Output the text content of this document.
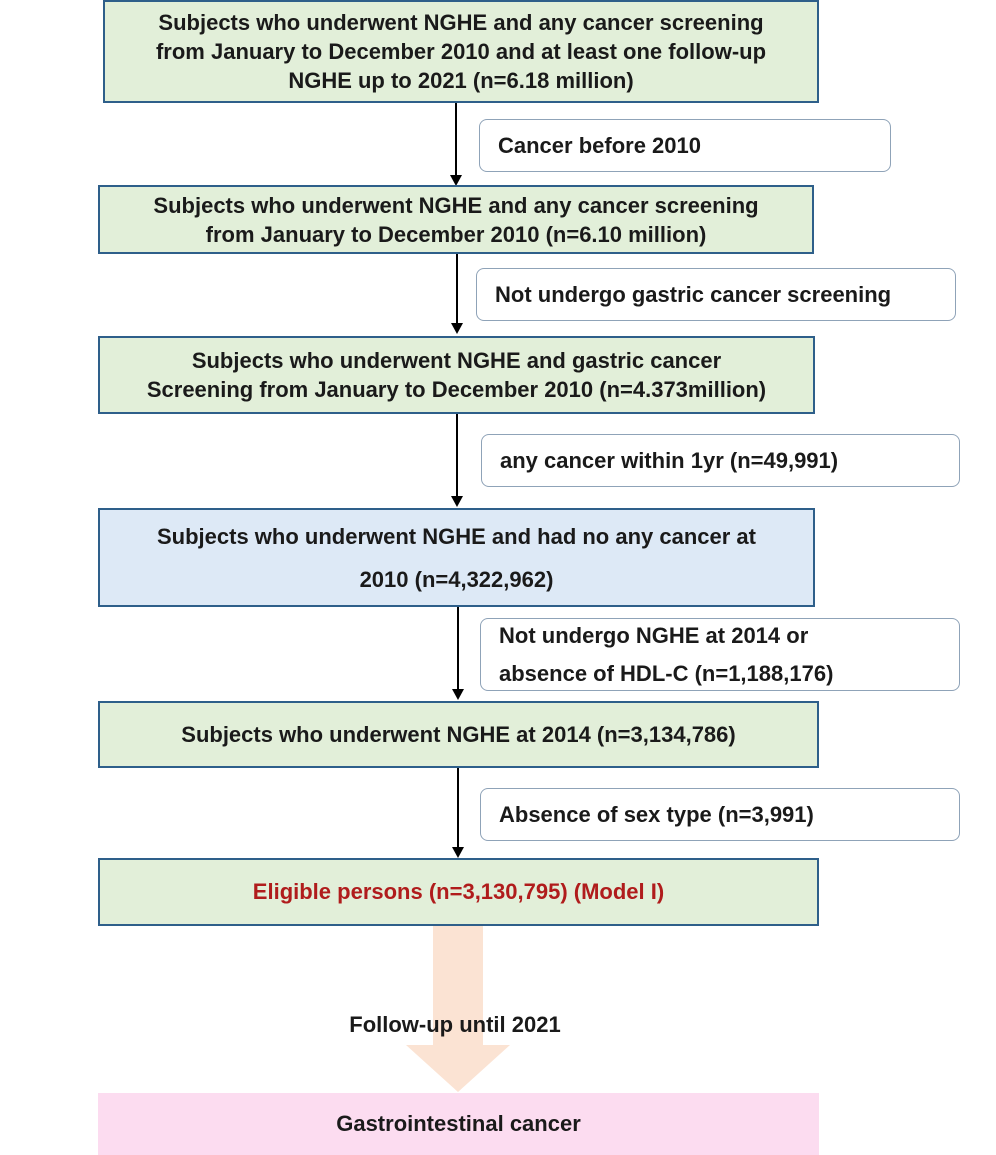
Subjects who underwent NGHE and any cancer screening
from January to December 2010 and at least one follow-up
NGHE up to 2021 (n=6.18 million)
Cancer before 2010
Subjects who underwent NGHE and any cancer screening
from January to December 2010 (n=6.10 million)
Not undergo gastric cancer screening
Subjects who underwent NGHE and gastric cancer
Screening from January to December 2010 (n=4.373million)
any cancer within 1yr (n=49,991)
Subjects who underwent NGHE and had no any cancer at
2010 (n=4,322,962)
Not undergo NGHE at 2014 or
absence of HDL-C (n=1,188,176)
Subjects who underwent NGHE at 2014 (n=3,134,786)
Absence of sex type (n=3,991)
Eligible persons (n=3,130,795) (Model I)
Follow-up until 2021
Gastrointestinal cancer
